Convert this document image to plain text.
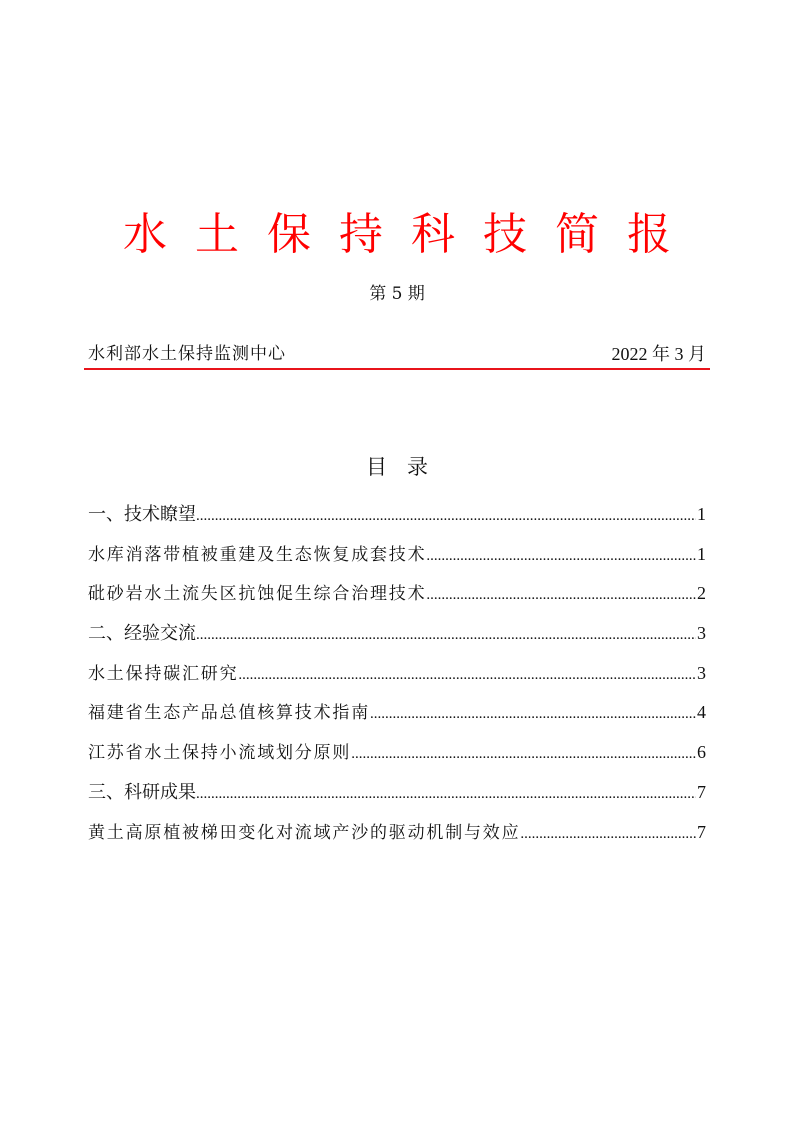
水土保持科技简报
第 5 期
水利部水土保持监测中心	2022 年 3 月
目录
一、技术瞭望 .....	1
水库消落带植被重建及生态恢复成套技术 .....	1
砒砂岩水土流失区抗蚀促生综合治理技术 .....	2
二、经验交流 .....	3
水土保持碳汇研究 .....	3
福建省生态产品总值核算技术指南 .....	4
江苏省水土保持小流域划分原则 .....	6
三、科研成果 .....	7
黄土高原植被梯田变化对流域产沙的驱动机制与效应 .....	7
